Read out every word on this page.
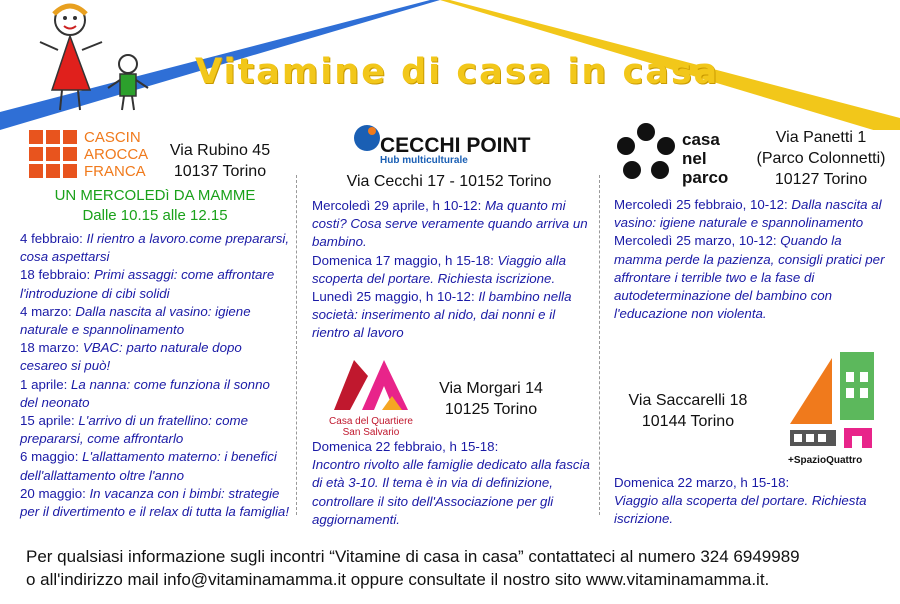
Vitamine di casa in casa
CASCIN
AROCCA
FRANCA
Via Rubino 45
10137 Torino
UN MERCOLEDì DA MAMME
Dalle 10.15 alle 12.15
4 febbraio: Il rientro a lavoro.come prepararsi, cosa aspettarsi
18 febbraio: Primi assaggi: come affrontare l'introduzione di cibi solidi
4 marzo: Dalla nascita al vasino: igiene naturale e spannolinamento
18 marzo: VBAC: parto naturale dopo cesareo si può!
1 aprile: La nanna: come funziona il sonno del neonato
15 aprile: L'arrivo di un fratellino: come prepararsi, come affrontarlo
6 maggio: L'allattamento materno: i benefici dell'allattamento oltre l'anno
20 maggio: In vacanza con i bimbi: strategie per il divertimento e il relax di tutta la famiglia!
CECCHI POINT
Hub multiculturale
Via Cecchi 17 - 10152 Torino
Mercoledì 29 aprile, h 10-12: Ma quanto mi costi? Cosa serve veramente quando arriva un bambino.
Domenica 17 maggio, h 15-18: Viaggio alla scoperta del portare. Richiesta iscrizione.
Lunedì 25 maggio, h 10-12: Il bambino nella società: inserimento al nido, dai nonni e il rientro al lavoro
Casa del Quartiere
San Salvario
Via Morgari 14
10125 Torino
Domenica 22 febbraio, h 15-18:
Incontro rivolto alle famiglie dedicato alla fascia di età 3-10. Il tema è in via di definizione, controllare il sito dell'Associazione per gli aggiornamenti.
casa
nel
parco
Via Panetti 1
(Parco Colonnetti)
10127 Torino
Mercoledì 25 febbraio, 10-12: Dalla nascita al vasino: igiene naturale e spannolinamento
Mercoledì 25 marzo, 10-12: Quando la mamma perde la pazienza, consigli pratici per affrontare i terrible two e la fase di autodeterminazione del bambino con l'educazione non violenta.
Via Saccarelli 18
10144 Torino
+SpazioQuattro
Domenica 22 marzo, h 15-18:
Viaggio alla scoperta del portare. Richiesta iscrizione.
Per qualsiasi informazione sugli incontri “Vitamine di casa in casa” contattateci al numero 324 6949989
o all'indirizzo mail info@vitaminamamma.it oppure consultate il nostro sito www.vitaminamamma.it.
